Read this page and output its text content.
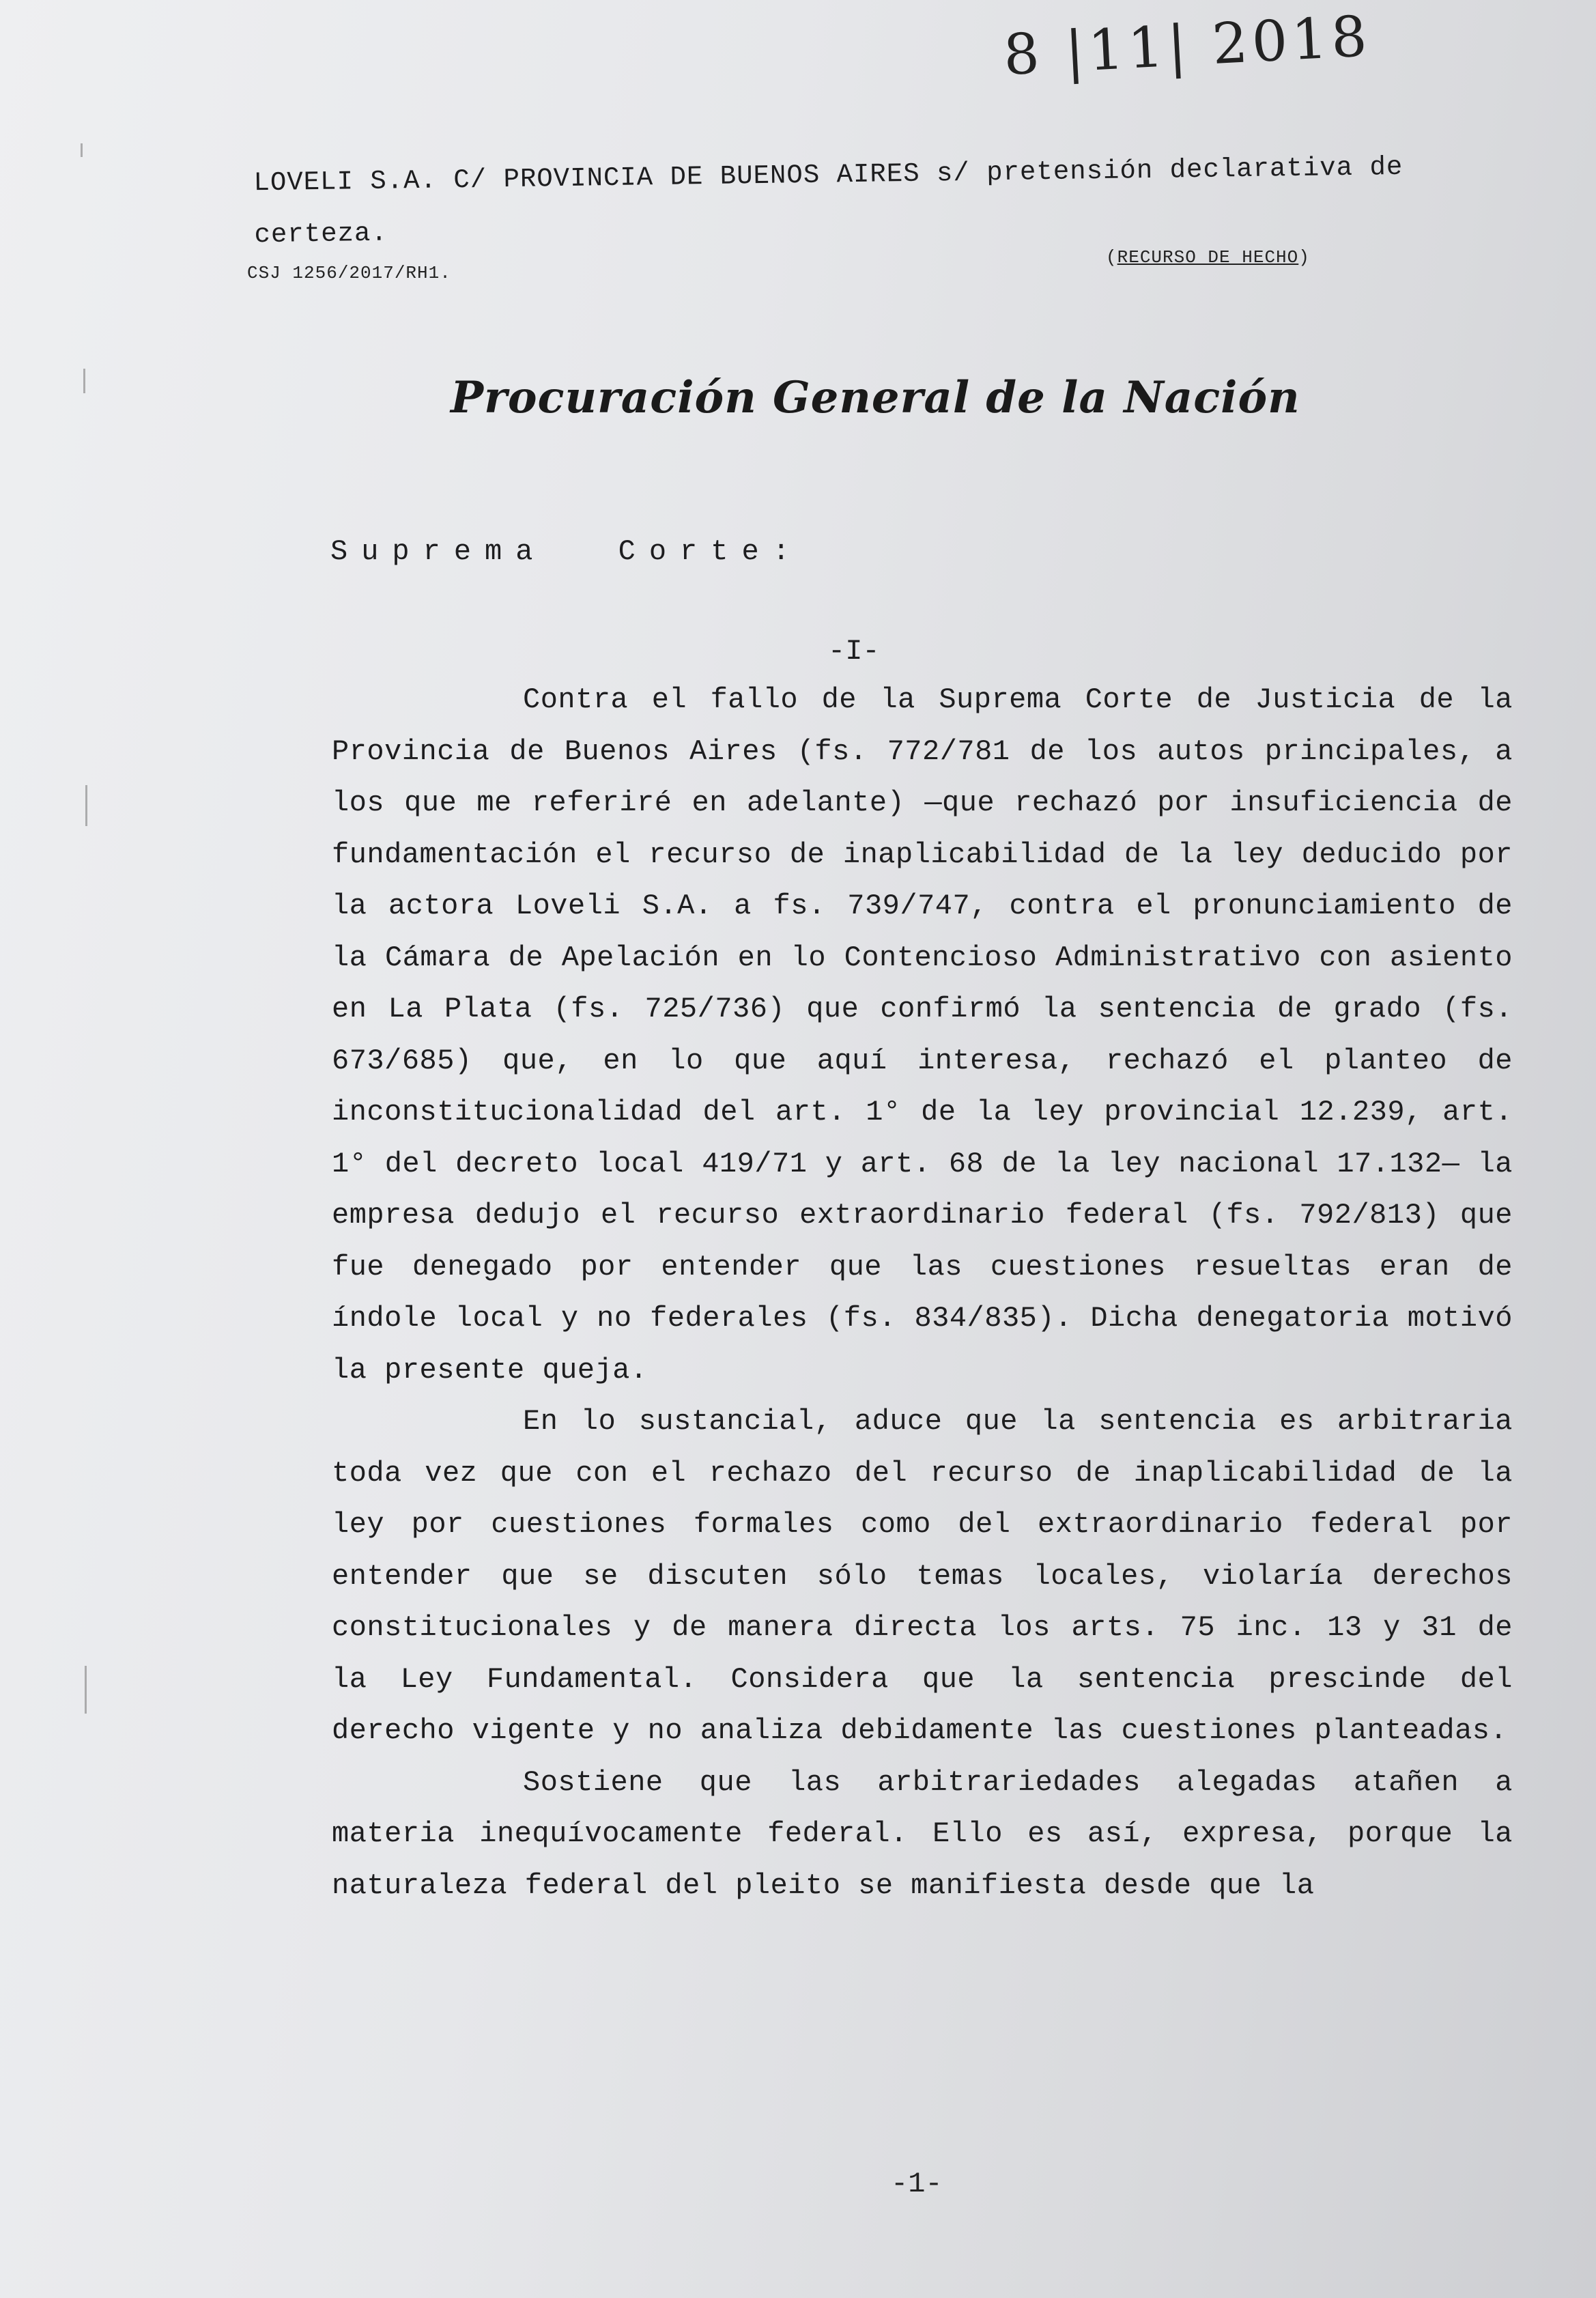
8 |11| 2018
LOVELI S.A. C/ PROVINCIA DE BUENOS AIRES s/ pretensión declarativa de certeza.
CSJ 1256/2017/RH1.
(RECURSO DE HECHO)
Procuración General de la Nación
Suprema Corte:
-I-

Contra el fallo de la Suprema Corte de Justicia de la Provincia de Buenos Aires (fs. 772/781 de los autos principales, a los que me referiré en adelante) —que rechazó por insuficiencia de fundamentación el recurso de inaplicabilidad de la ley deducido por la actora Loveli S.A. a fs. 739/747, contra el pronunciamiento de la Cámara de Apelación en lo Contencioso Administrativo con asiento en La Plata (fs. 725/736) que confirmó la sentencia de grado (fs. 673/685) que, en lo que aquí interesa, rechazó el planteo de inconstitucionalidad del art. 1° de la ley provincial 12.239, art. 1° del decreto local 419/71 y art. 68 de la ley nacional 17.132— la empresa dedujo el recurso extraordinario federal (fs. 792/813) que fue denegado por entender que las cuestiones resueltas eran de índole local y no federales (fs. 834/835). Dicha denegatoria motivó la presente queja.

En lo sustancial, aduce que la sentencia es arbitraria toda vez que con el rechazo del recurso de inaplicabilidad de la ley por cuestiones formales como del extraordinario federal por entender que se discuten sólo temas locales, violaría derechos constitucionales y de manera directa los arts. 75 inc. 13 y 31 de la Ley Fundamental. Considera que la sentencia prescinde del derecho vigente y no analiza debidamente las cuestiones planteadas.

Sostiene que las arbitrariedades alegadas atañen a materia inequívocamente federal. Ello es así, expresa, porque la naturaleza federal del pleito se manifiesta desde que la

-1-
